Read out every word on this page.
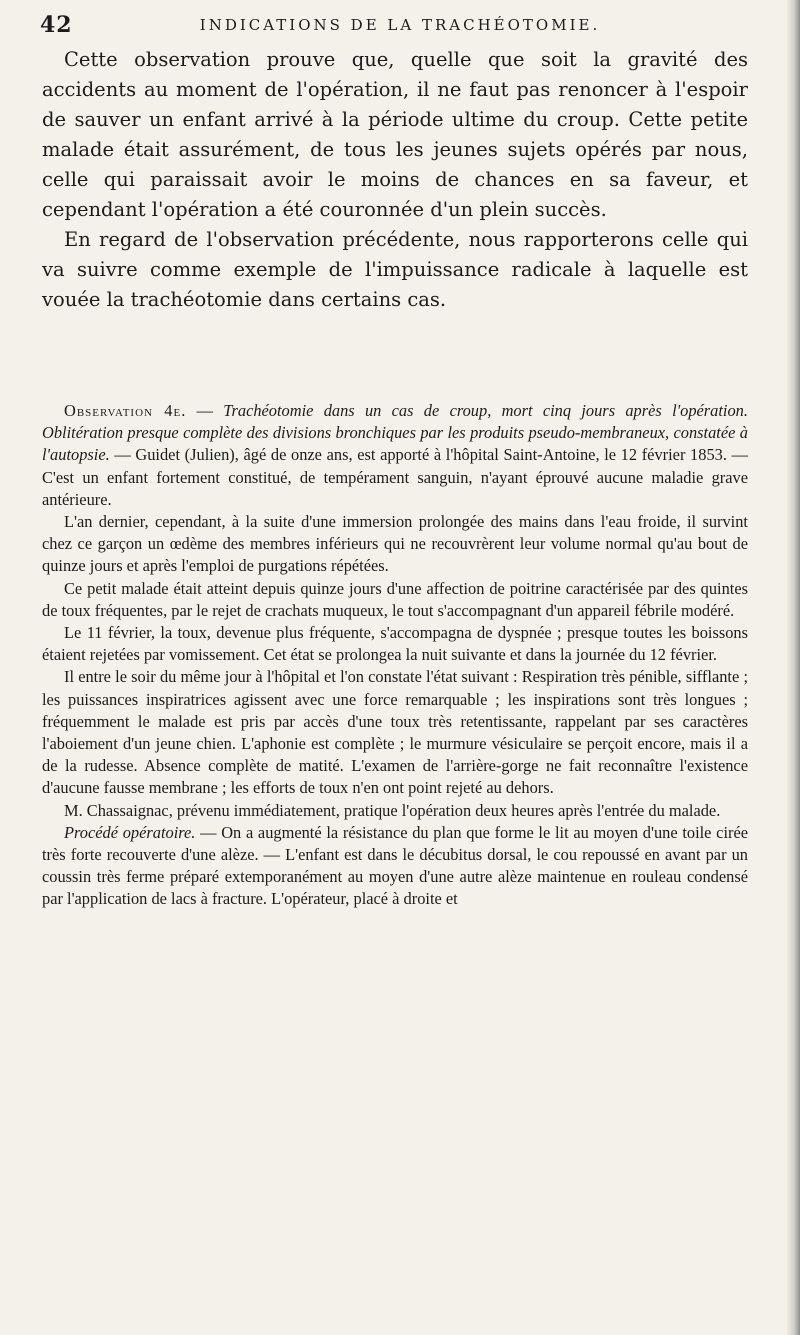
42	INDICATIONS DE LA TRACHÉOTOMIE.

Cette observation prouve que, quelle que soit la gravité des accidents au moment de l'opération, il ne faut pas renoncer à l'espoir de sauver un enfant arrivé à la période ultime du croup. Cette petite malade était assurément, de tous les jeunes sujets opérés par nous, celle qui paraissait avoir le moins de chances en sa faveur, et cependant l'opération a été couronnée d'un plein succès.

En regard de l'observation précédente, nous rapporterons celle qui va suivre comme exemple de l'impuissance radicale à laquelle est vouée la trachéotomie dans certains cas.

Observation 4e. — Trachéotomie dans un cas de croup, mort cinq jours après l'opération. Oblitération presque complète des divisions bronchiques par les produits pseudo-membraneux, constatée à l'autopsie. — Guidet (Julien), âgé de onze ans, est apporté à l'hôpital Saint-Antoine, le 12 février 1853. — C'est un enfant fortement constitué, de tempérament sanguin, n'ayant éprouvé aucune maladie grave antérieure.

L'an dernier, cependant, à la suite d'une immersion prolongée des mains dans l'eau froide, il survint chez ce garçon un œdème des membres inférieurs qui ne recouvrèrent leur volume normal qu'au bout de quinze jours et après l'emploi de purgations répétées.

Ce petit malade était atteint depuis quinze jours d'une affection de poitrine caractérisée par des quintes de toux fréquentes, par le rejet de crachats muqueux, le tout s'accompagnant d'un appareil fébrile modéré.

Le 11 février, la toux, devenue plus fréquente, s'accompagna de dyspnée ; presque toutes les boissons étaient rejetées par vomissement. Cet état se prolongea la nuit suivante et dans la journée du 12 février.

Il entre le soir du même jour à l'hôpital et l'on constate l'état suivant : Respiration très pénible, sifflante ; les puissances inspiratrices agissent avec une force remarquable ; les inspirations sont très longues ; fréquemment le malade est pris par accès d'une toux très retentissante, rappelant par ses caractères l'aboiement d'un jeune chien. L'aphonie est complète ; le murmure vésiculaire se perçoit encore, mais il a de la rudesse. Absence complète de matité. L'examen de l'arrière-gorge ne fait reconnaître l'existence d'aucune fausse membrane ; les efforts de toux n'en ont point rejeté au dehors.

M. Chassaignac, prévenu immédiatement, pratique l'opération deux heures après l'entrée du malade.

Procédé opératoire. — On a augmenté la résistance du plan que forme le lit au moyen d'une toile cirée très forte recouverte d'une alèze. — L'enfant est dans le décubitus dorsal, le cou repoussé en avant par un coussin très ferme préparé extemporanément au moyen d'une autre alèze maintenue en rouleau condensé par l'application de lacs à fracture. L'opérateur, placé à droite et
